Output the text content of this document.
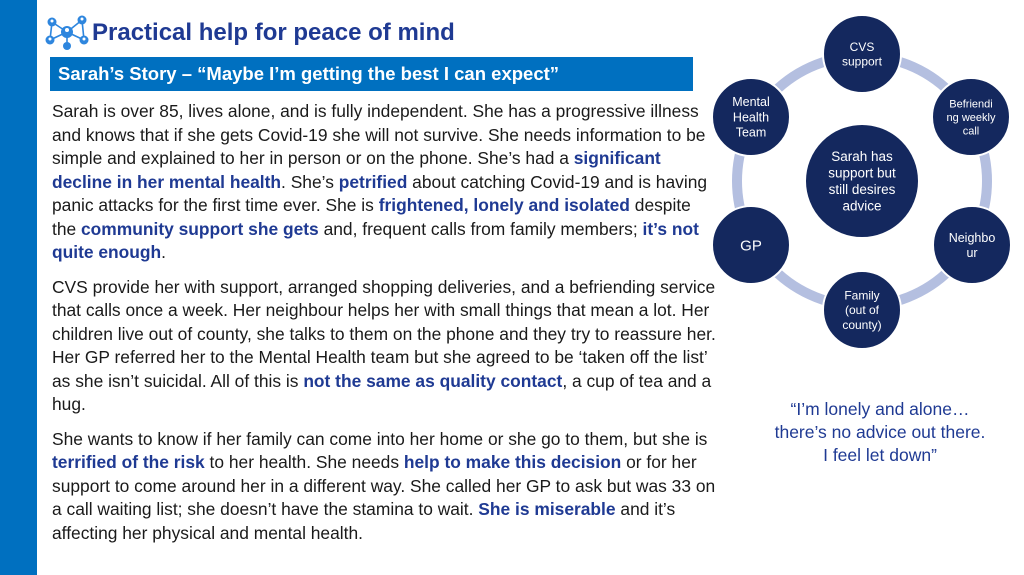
Practical help for peace of mind
Sarah’s Story – “Maybe I’m getting the best I can expect”

Sarah is over 85, lives alone, and is fully independent. She has a progressive illness and knows that if she gets Covid-19 she will not survive. She needs information to be simple and explained to her in person or on the phone. She’s had a significant decline in her mental health. She’s petrified about catching Covid-19 and is having panic attacks for the first time ever. She is frightened, lonely and isolated despite the community support she gets and, frequent calls from family members; it’s not quite enough.

CVS provide her with support, arranged shopping deliveries, and a befriending service that calls once a week. Her neighbour helps her with small things that mean a lot. Her children live out of county, she talks to them on the phone and they try to reassure her. Her GP referred her to the Mental Health team but she agreed to be ‘taken off the list’ as she isn’t suicidal. All of this is not the same as quality contact, a cup of tea and a hug.

She wants to know if her family can come into her home or she go to them, but she is terrified of the risk to her health. She needs help to make this decision or for her support to come around her in a different way. She called her GP to ask but was 33 on a call waiting list; she doesn’t have the stamina to wait. She is miserable and it’s affecting her physical and mental health.

CVS
support
Befriendi
ng weekly
call
Neighbo
ur
Family
(out of
county)
GP
Mental
Health
Team
Sarah has
support but
still desires
advice
“I’m lonely and alone…there’s no advice out there. I feel let down”
